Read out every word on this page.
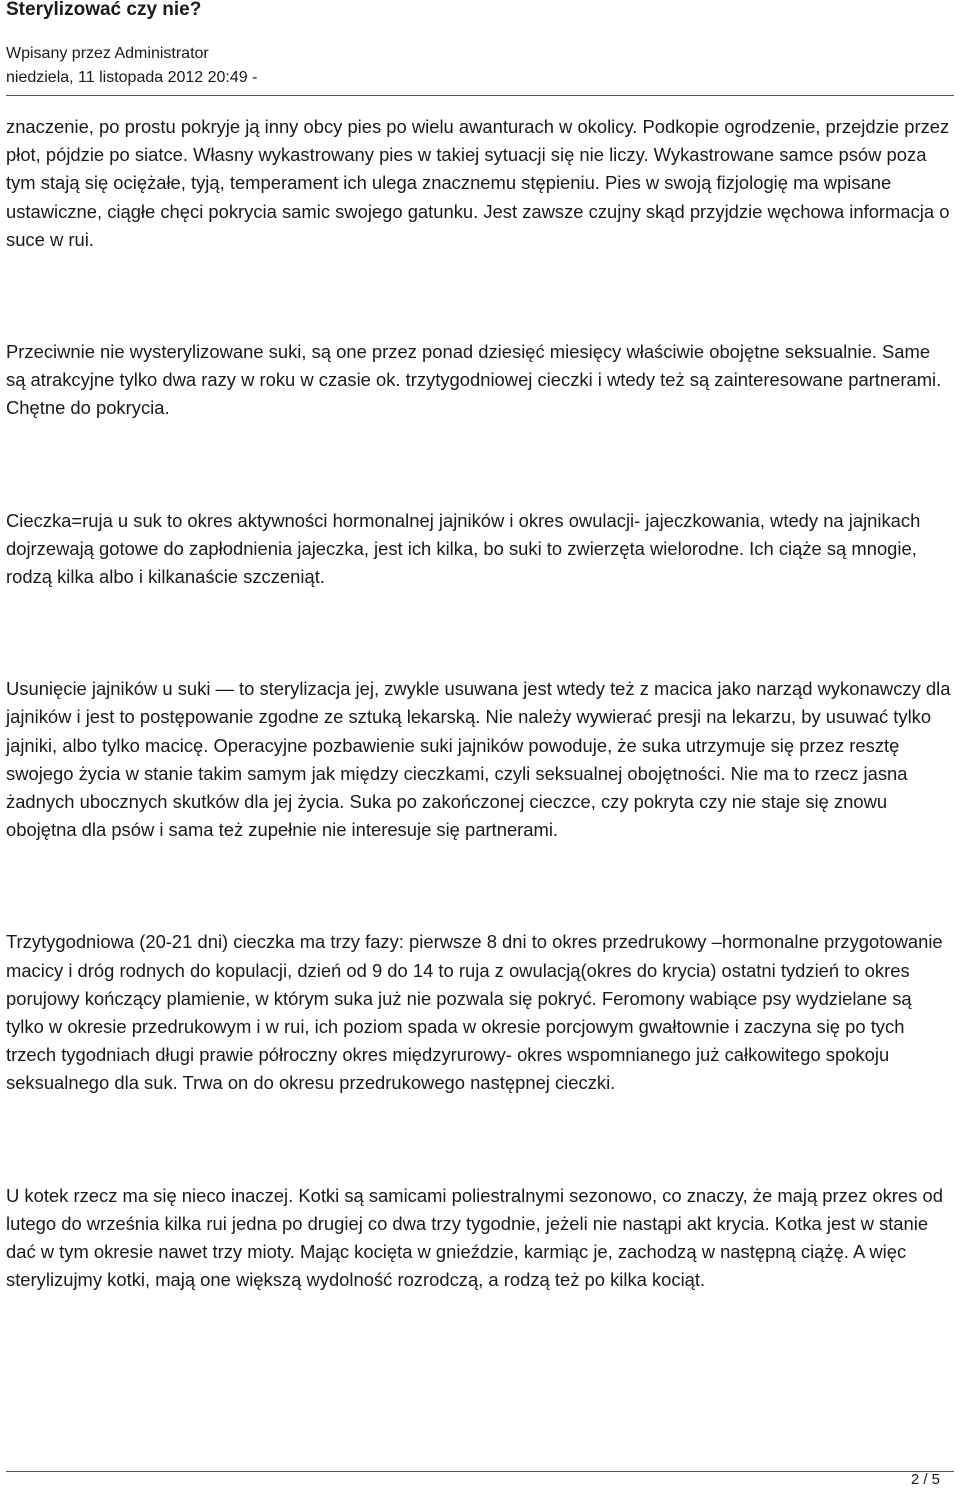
Sterylizować czy nie?
Wpisany przez Administrator
niedziela, 11 listopada 2012 20:49 -

znaczenie, po prostu pokryje ją inny obcy pies po wielu awanturach w okolicy. Podkopie ogrodzenie, przejdzie przez płot, pójdzie po siatce. Własny wykastrowany pies w takiej sytuacji się nie liczy. Wykastrowane samce psów poza tym stają się ociężałe, tyją, temperament ich ulega znacznemu stępieniu. Pies w swoją fizjologię ma wpisane ustawiczne, ciągłe chęci pokrycia samic swojego gatunku. Jest zawsze czujny skąd przyjdzie węchowa informacja o suce w rui.

Przeciwnie nie wysterylizowane suki, są one przez ponad dziesięć miesięcy właściwie obojętne seksualnie. Same są atrakcyjne tylko dwa razy w roku w czasie ok. trzytygodniowej cieczki i wtedy też są zainteresowane partnerami. Chętne do pokrycia.

Cieczka=ruja u suk to okres aktywności hormonalnej jajników i okres owulacji- jajeczkowania, wtedy na jajnikach dojrzewają gotowe do zapłodnienia jajeczka, jest ich kilka, bo suki to zwierzęta wielorodne. Ich ciąże są mnogie, rodzą kilka albo i kilkanaście szczeniąt.

Usunięcie jajników u suki — to sterylizacja jej, zwykle usuwana jest wtedy też z macica jako narząd wykonawczy dla jajników i jest to postępowanie zgodne ze sztuką lekarską. Nie należy wywierać presji na lekarzu, by usuwać tylko jajniki, albo tylko macicę. Operacyjne pozbawienie suki jajników powoduje, że suka utrzymuje się przez resztę swojego życia w stanie takim samym jak między cieczkami, czyli seksualnej obojętności. Nie ma to rzecz jasna żadnych ubocznych skutków dla jej życia. Suka po zakończonej cieczce, czy pokryta czy nie staje się znowu obojętna dla psów i sama też zupełnie nie interesuje się partnerami.

Trzytygodniowa (20-21 dni) cieczka ma trzy fazy: pierwsze 8 dni to okres przedrukowy –hormonalne przygotowanie macicy i dróg rodnych do kopulacji, dzień od 9 do 14 to ruja z owulacją(okres do krycia) ostatni tydzień to okres porujowy kończący plamienie, w którym suka już nie pozwala się pokryć. Feromony wabiące psy wydzielane są tylko w okresie przedrukowym i w rui, ich poziom spada w okresie porcjowym gwałtownie i zaczyna się po tych trzech tygodniach długi prawie półroczny okres międzyrurowy- okres wspomnianego już całkowitego spokoju seksualnego dla suk. Trwa on do okresu przedrukowego następnej cieczki.

U kotek rzecz ma się nieco inaczej. Kotki są samicami poliestralnymi sezonowo, co znaczy, że mają przez okres od lutego do września kilka rui jedna po drugiej co dwa trzy tygodnie, jeżeli nie nastąpi akt krycia. Kotka jest w stanie dać w tym okresie nawet trzy mioty. Mając kocięta w gnieździe, karmiąc je, zachodzą w następną ciążę. A więc sterylizujmy kotki, mają one większą wydolność rozrodczą, a rodzą też po kilka kociąt.

2 / 5
